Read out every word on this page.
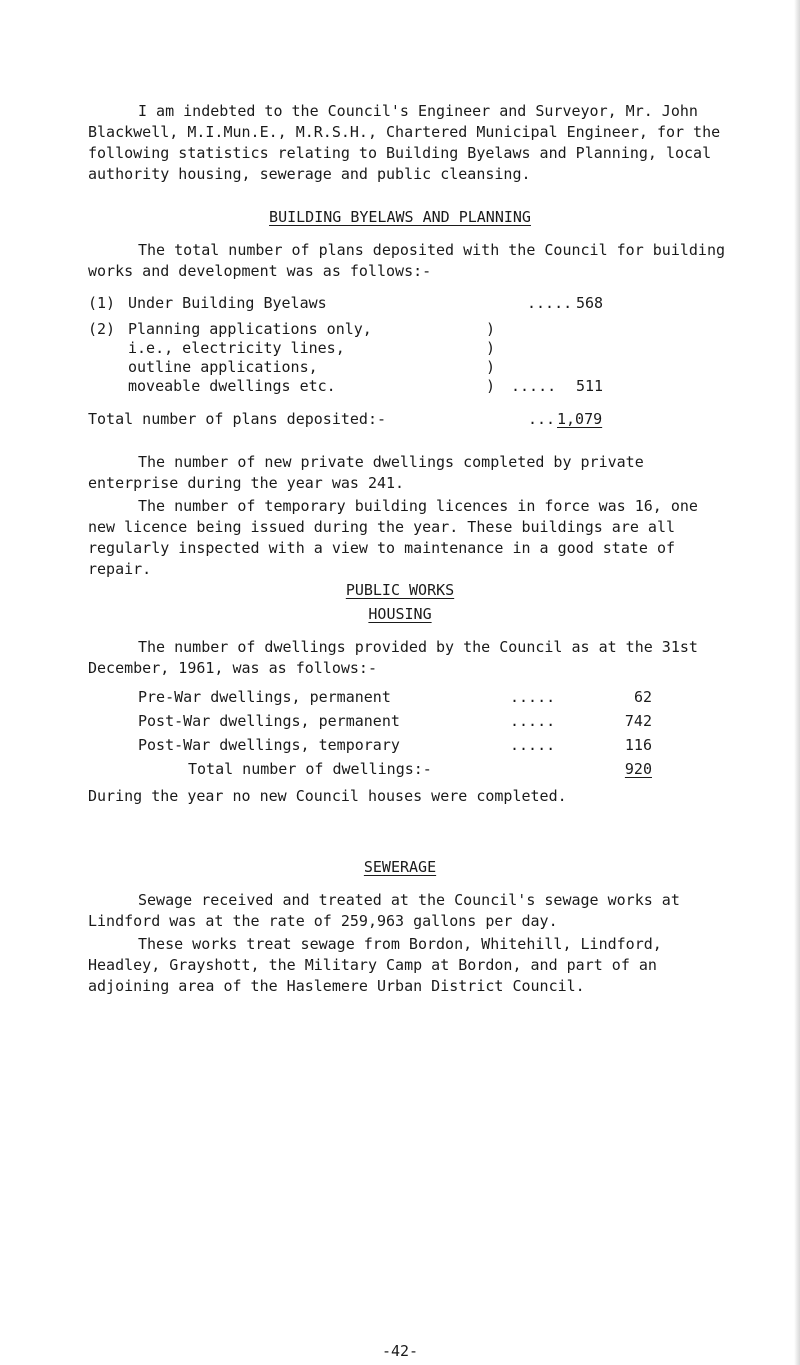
I am indebted to the Council's Engineer and Surveyor, Mr. John Blackwell, M.I.Mun.E., M.R.S.H., Chartered Municipal Engineer, for the following statistics relating to Building Byelaws and Planning, local authority housing, sewerage and public cleansing.

BUILDING BYELAWS AND PLANNING

The total number of plans deposited with the Council for building works and development was as follows:-

(1) Under Building Byelaws	..... 568
(2) Planning applications only,	)
i.e., electricity lines,	)
outline applications,	)
moveable dwellings etc.	) ..... 511
Total number of plans deposited:-	... 1,079

The number of new private dwellings completed by private enterprise during the year was 241.

The number of temporary building licences in force was 16, one new licence being issued during the year. These buildings are all regularly inspected with a view to maintenance in a good state of repair.

PUBLIC WORKS

HOUSING

The number of dwellings provided by the Council as at the 31st December, 1961, was as follows:-

Pre-War dwellings, permanent	.....	62
Post-War dwellings, permanent	.....	742
Post-War dwellings, temporary	.....	116
Total number of dwellings:-	920

During the year no new Council houses were completed.

SEWERAGE

Sewage received and treated at the Council's sewage works at Lindford was at the rate of 259,963 gallons per day.

These works treat sewage from Bordon, Whitehill, Lindford, Headley, Grayshott, the Military Camp at Bordon, and part of an adjoining area of the Haslemere Urban District Council.

-42-
